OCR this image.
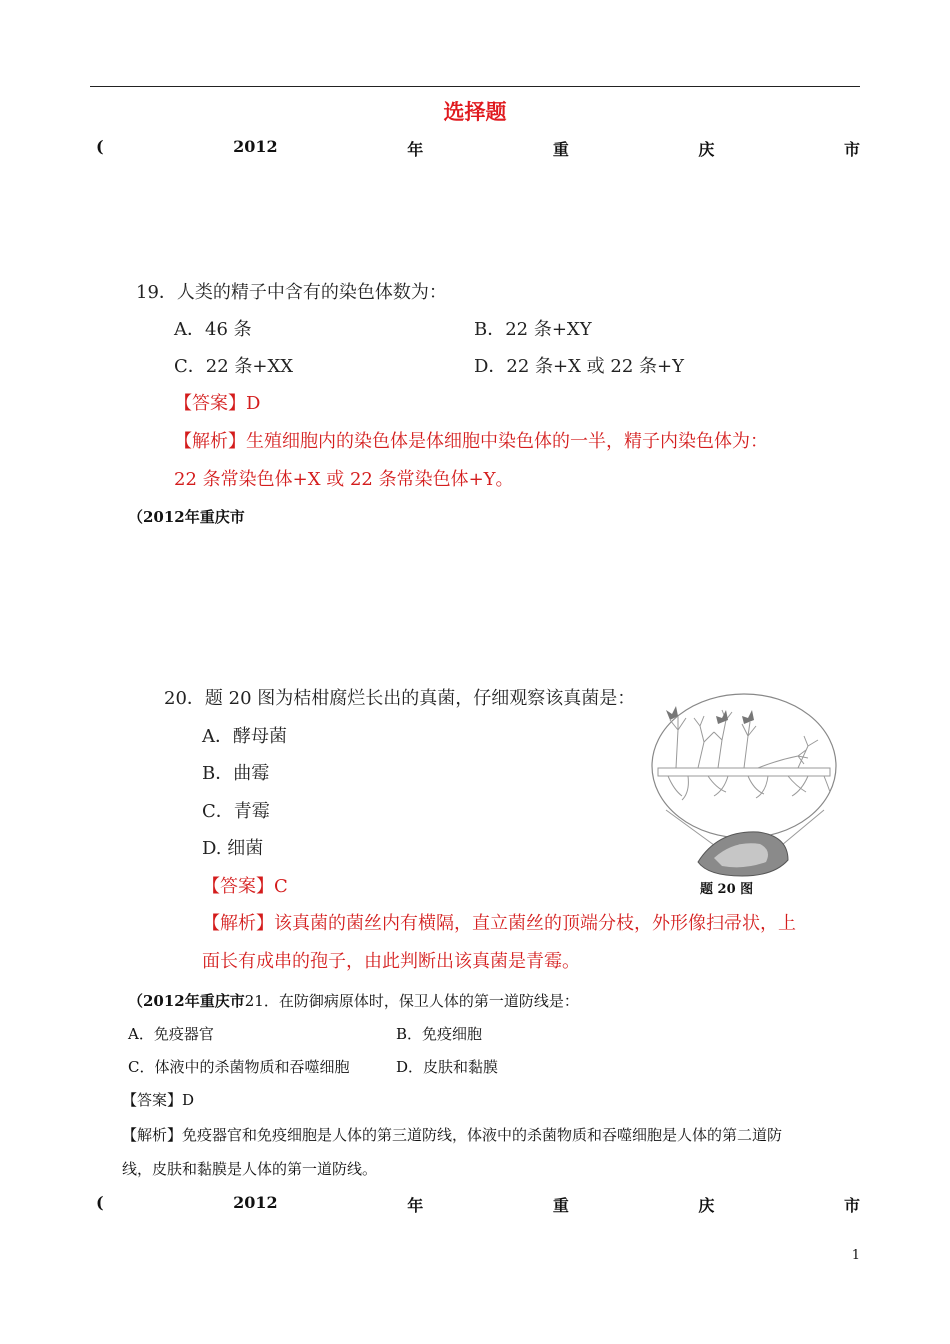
选择题
(	2012	年	重	庆	市
19．人类的精子中含有的染色体数为：
A．46 条	B．22 条+XY
C．22 条+XX	D．22 条+X 或 22 条+Y
【答案】D
【解析】生殖细胞内的染色体是体细胞中染色体的一半，精子内染色体为：
22 条常染色体+X 或 22 条常染色体+Y。
（2012年重庆市
20．题 20 图为桔柑腐烂长出的真菌，仔细观察该真菌是：
A．酵母菌
B．曲霉
C．青霉
D. 细菌
题 20 图
【答案】C
【解析】该真菌的菌丝内有横隔，直立菌丝的顶端分枝，外形像扫帚状，上
面长有成串的孢子，由此判断出该真菌是青霉。
（2012年重庆市21．在防御病原体时，保卫人体的第一道防线是：
A．免疫器官	B．免疫细胞
C．体液中的杀菌物质和吞噬细胞	D．皮肤和黏膜
【答案】D
【解析】免疫器官和免疫细胞是人体的第三道防线，体液中的杀菌物质和吞噬细胞是人体的第二道防
线，皮肤和黏膜是人体的第一道防线。
(	2012	年	重	庆	市
1
